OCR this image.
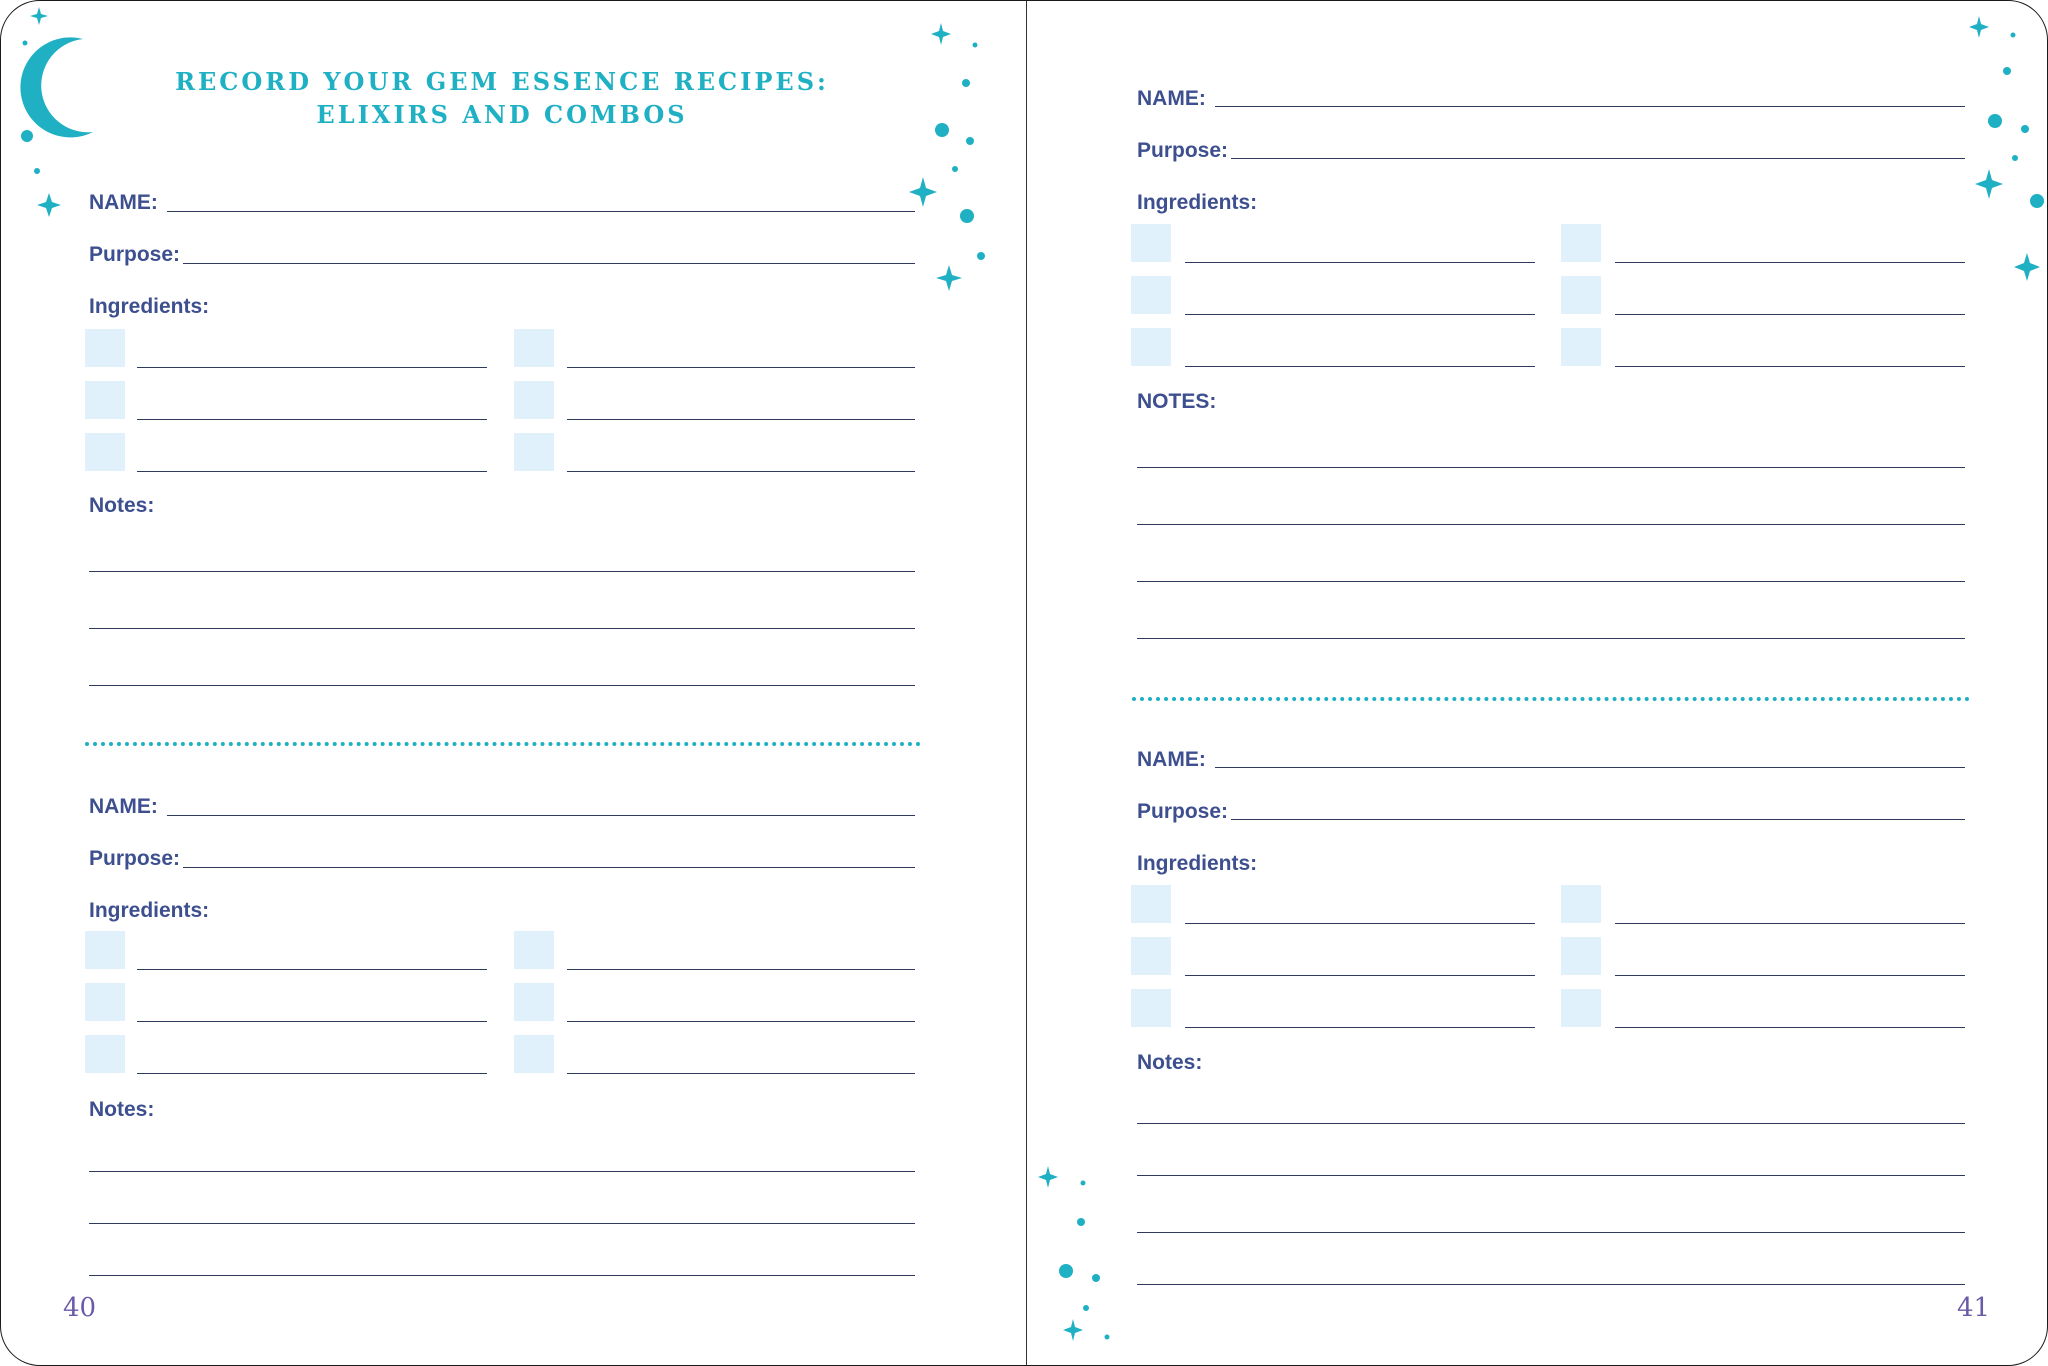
RECORD YOUR GEM ESSENCE RECIPES:
ELIXIRS AND COMBOS
NAME:
Purpose:
Ingredients:
Notes:
NAME:
Purpose:
Ingredients:
Notes:
40
NAME:
Purpose:
Ingredients:
NOTES:
NAME:
Purpose:
Ingredients:
Notes:
41
